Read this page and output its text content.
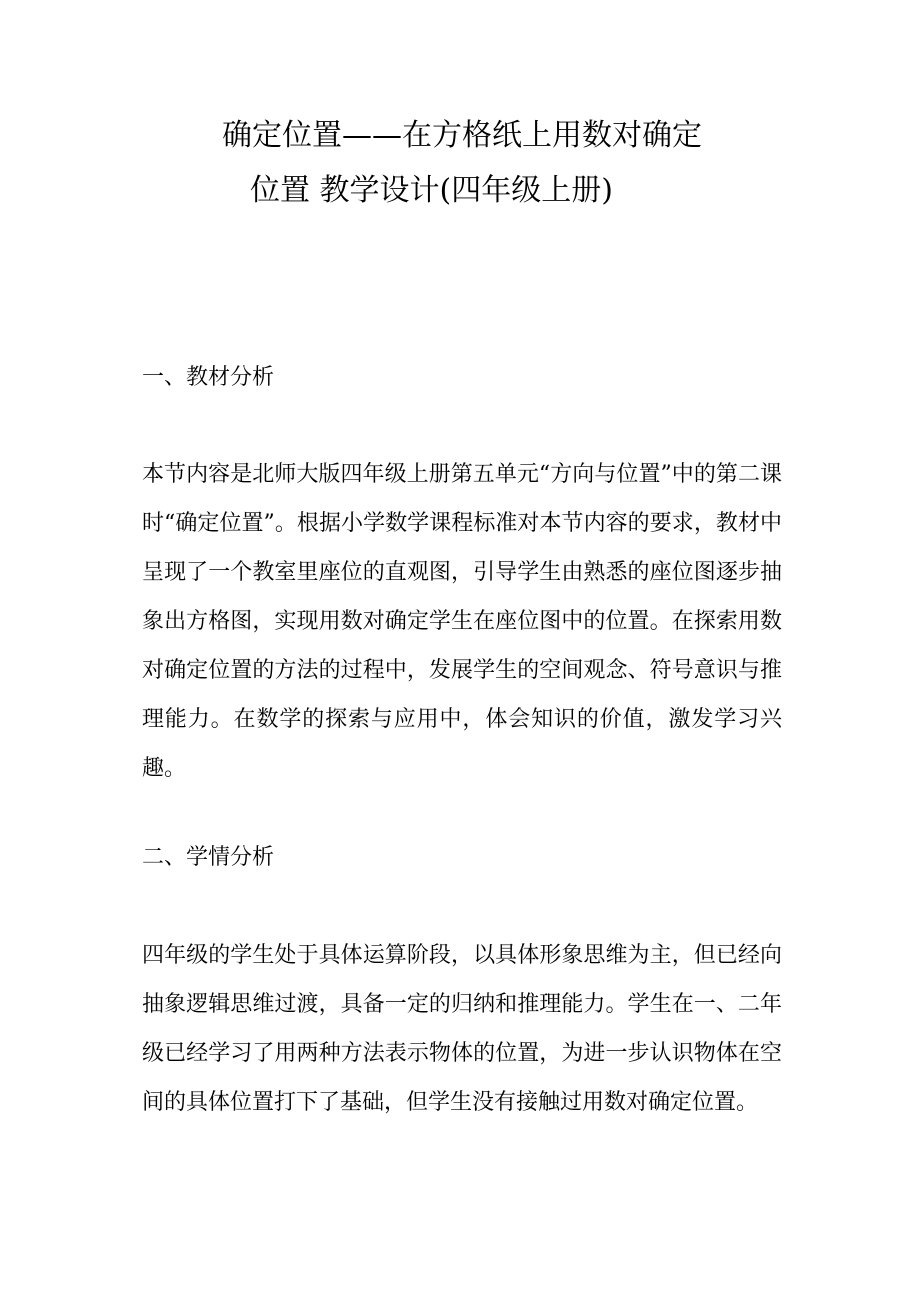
确定位置——在方格纸上用数对确定
位置 教学设计(四年级上册)
一、教材分析

本节内容是北师大版四年级上册第五单元“方向与位置”中的第二课时“确定位置”。根据小学数学课程标准对本节内容的要求，教材中呈现了一个教室里座位的直观图，引导学生由熟悉的座位图逐步抽象出方格图，实现用数对确定学生在座位图中的位置。在探索用数对确定位置的方法的过程中，发展学生的空间观念、符号意识与推理能力。在数学的探索与应用中，体会知识的价值，激发学习兴趣。

二、学情分析

四年级的学生处于具体运算阶段，以具体形象思维为主，但已经向抽象逻辑思维过渡，具备一定的归纳和推理能力。学生在一、二年级已经学习了用两种方法表示物体的位置，为进一步认识物体在空间的具体位置打下了基础，但学生没有接触过用数对确定位置。
